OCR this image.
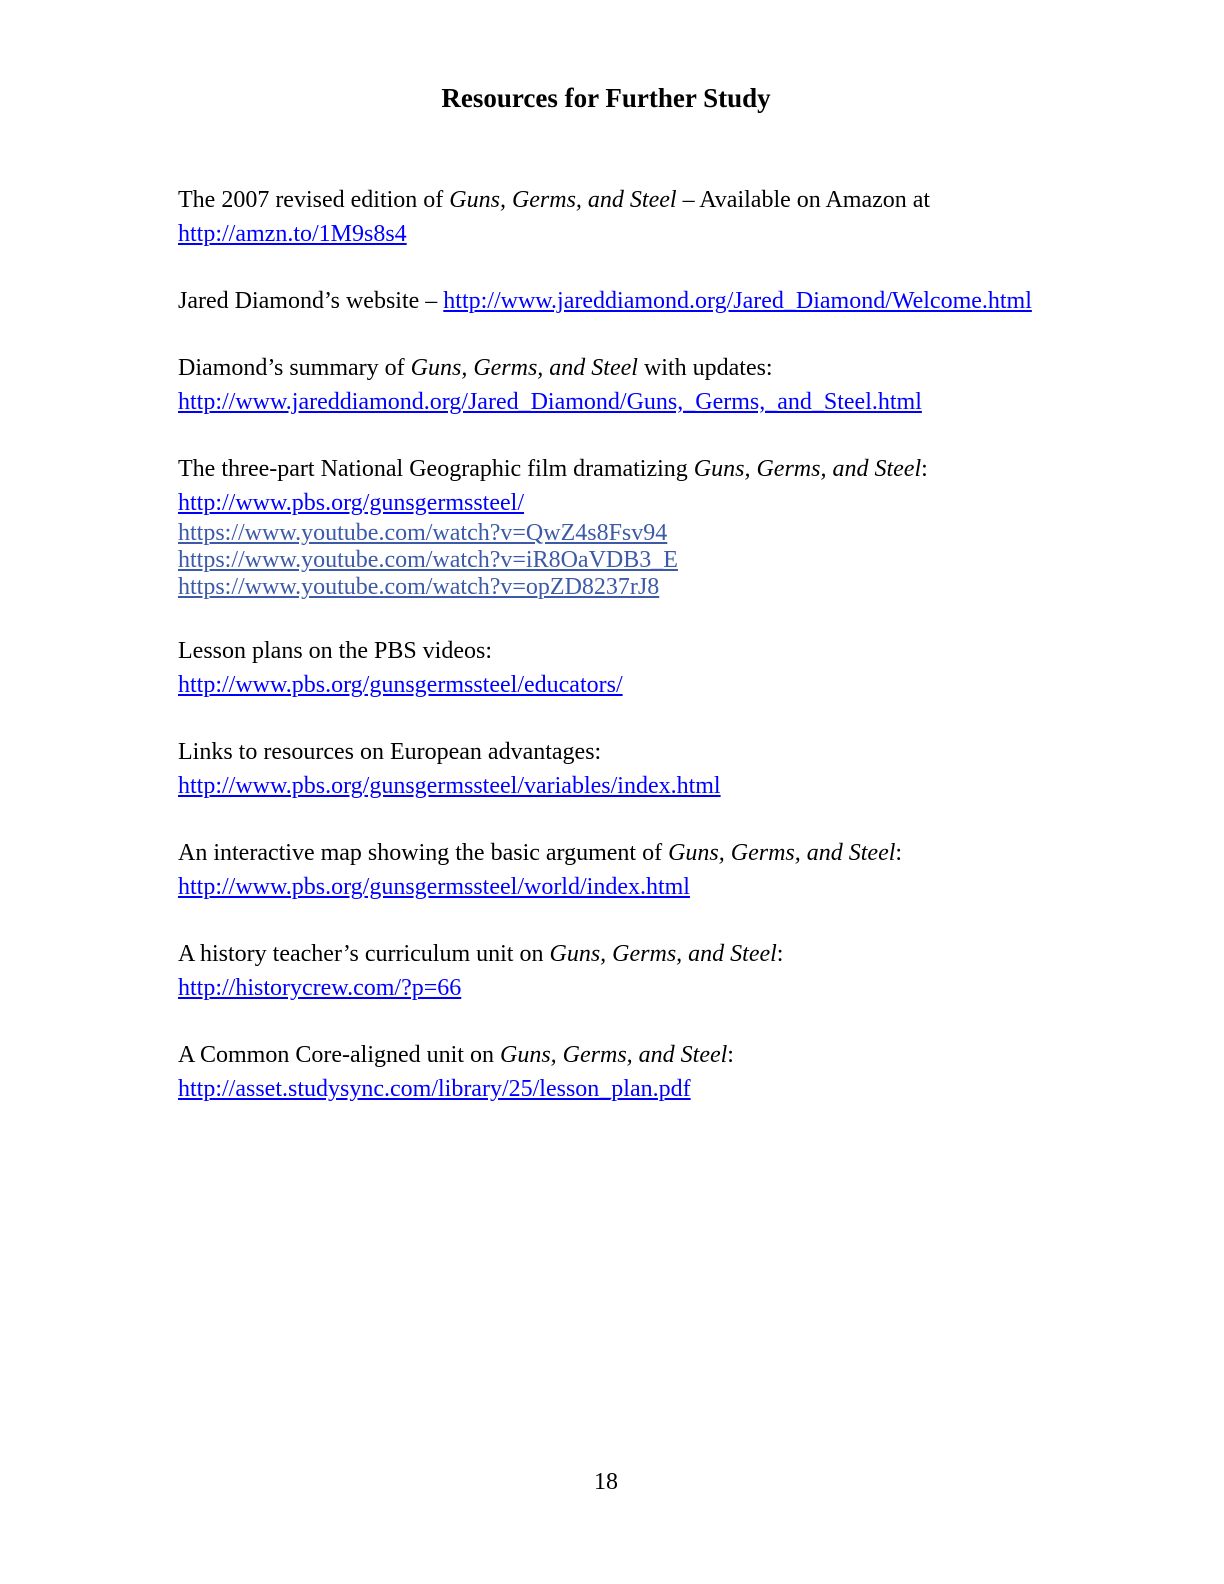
Resources for Further Study
The 2007 revised edition of Guns, Germs, and Steel – Available on Amazon at
http://amzn.to/1M9s8s4
Jared Diamond’s website – http://www.jareddiamond.org/Jared_Diamond/Welcome.html
Diamond’s summary of Guns, Germs, and Steel with updates:
http://www.jareddiamond.org/Jared_Diamond/Guns,_Germs,_and_Steel.html
The three-part National Geographic film dramatizing Guns, Germs, and Steel:
http://www.pbs.org/gunsgermssteel/
https://www.youtube.com/watch?v=QwZ4s8Fsv94
https://www.youtube.com/watch?v=iR8OaVDB3_E
https://www.youtube.com/watch?v=opZD8237rJ8
Lesson plans on the PBS videos:
http://www.pbs.org/gunsgermssteel/educators/
Links to resources on European advantages:
http://www.pbs.org/gunsgermssteel/variables/index.html
An interactive map showing the basic argument of Guns, Germs, and Steel:
http://www.pbs.org/gunsgermssteel/world/index.html
A history teacher’s curriculum unit on Guns, Germs, and Steel:
http://historycrew.com/?p=66
A Common Core-aligned unit on Guns, Germs, and Steel:
http://asset.studysync.com/library/25/lesson_plan.pdf
18
